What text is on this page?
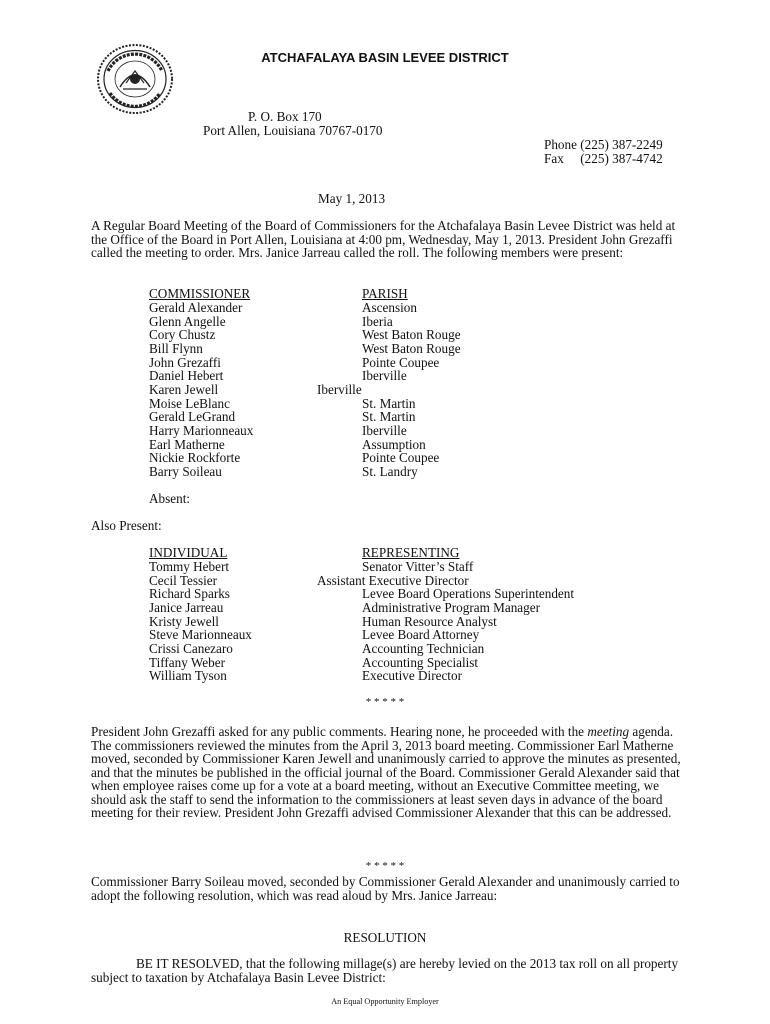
ATCHAFALAYA BASIN LEVEE DISTRICT
P. O. Box 170
Port Allen, Louisiana 70767-0170
Phone (225) 387-2249
Fax     (225) 387-4742
May 1, 2013
A Regular Board Meeting of the Board of Commissioners for the Atchafalaya Basin Levee District was held at the Office of the Board in Port Allen, Louisiana at 4:00 pm, Wednesday, May 1, 2013. President John Grezaffi called the meeting to order. Mrs. Janice Jarreau called the roll. The following members were present:
COMMISSIONER	PARISH
Gerald Alexander	Ascension
Glenn Angelle	Iberia
Cory Chustz	West Baton Rouge
Bill Flynn	West Baton Rouge
John Grezaffi	Pointe Coupee
Daniel Hebert	Iberville
Karen Jewell	Iberville
Moise LeBlanc	St. Martin
Gerald LeGrand	St. Martin
Harry Marionneaux	Iberville
Earl Matherne	Assumption
Nickie Rockforte	Pointe Coupee
Barry Soileau	St. Landry
Absent:
Also Present:
INDIVIDUAL	REPRESENTING
Tommy Hebert	Senator Vitter’s Staff
Cecil Tessier	Assistant Executive Director
Richard Sparks	Levee Board Operations Superintendent
Janice Jarreau	Administrative Program Manager
Kristy Jewell	Human Resource Analyst
Steve Marionneaux	Levee Board Attorney
Crissi Canezaro	Accounting Technician
Tiffany Weber	Accounting Specialist
William Tyson	Executive Director
* * * * *
President John Grezaffi asked for any public comments. Hearing none, he proceeded with the meeting agenda. The commissioners reviewed the minutes from the April 3, 2013 board meeting. Commissioner Earl Matherne moved, seconded by Commissioner Karen Jewell and unanimously carried to approve the minutes as presented, and that the minutes be published in the official journal of the Board. Commissioner Gerald Alexander said that when employee raises come up for a vote at a board meeting, without an Executive Committee meeting, we should ask the staff to send the information to the commissioners at least seven days in advance of the board meeting for their review. President John Grezaffi advised Commissioner Alexander that this can be addressed.
* * * * *
Commissioner Barry Soileau moved, seconded by Commissioner Gerald Alexander and unanimously carried to adopt the following resolution, which was read aloud by Mrs. Janice Jarreau:
RESOLUTION
BE IT RESOLVED, that the following millage(s) are hereby levied on the 2013 tax roll on all property subject to taxation by Atchafalaya Basin Levee District:
An Equal Opportunity Employer
